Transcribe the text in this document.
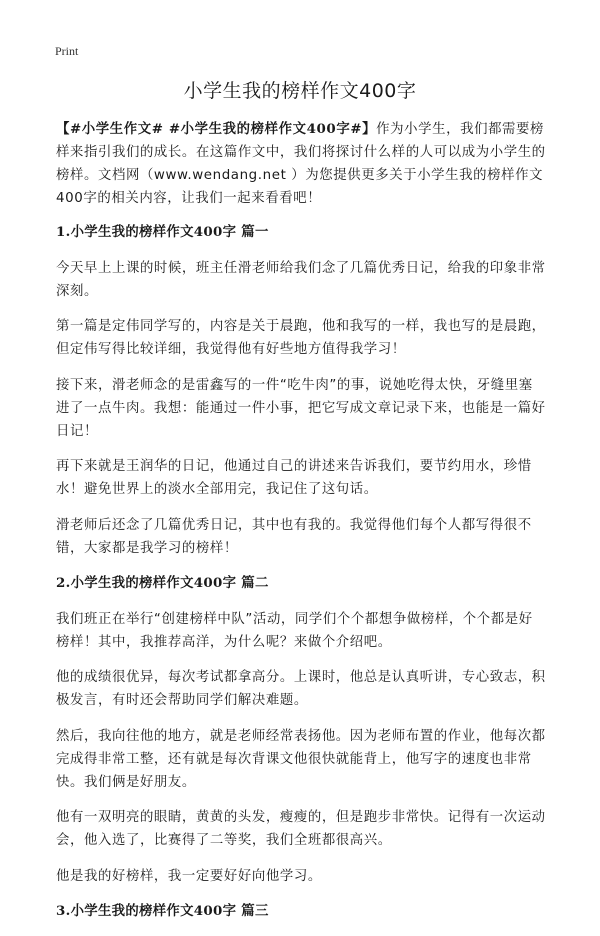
Print
小学生我的榜样作文400字

【#小学生作文# #小学生我的榜样作文400字#】作为小学生，我们都需要榜样来指引我们的成长。在这篇作文中，我们将探讨什么样的人可以成为小学生的榜样。文档网（www.wendang.net ）为您提供更多关于小学生我的榜样作文400字的相关内容，让我们一起来看看吧！

1.小学生我的榜样作文400字 篇一

今天早上上课的时候，班主任滑老师给我们念了几篇优秀日记，给我的印象非常深刻。

第一篇是定伟同学写的，内容是关于晨跑，他和我写的一样，我也写的是晨跑，但定伟写得比较详细，我觉得他有好些地方值得我学习！

接下来，滑老师念的是雷鑫写的一件“吃牛肉”的事，说她吃得太快，牙缝里塞进了一点牛肉。我想：能通过一件小事，把它写成文章记录下来，也能是一篇好日记！

再下来就是王润华的日记，他通过自己的讲述来告诉我们，要节约用水，珍惜水！避免世界上的淡水全部用完，我记住了这句话。

滑老师后还念了几篇优秀日记，其中也有我的。我觉得他们每个人都写得很不错，大家都是我学习的榜样！

2.小学生我的榜样作文400字 篇二

我们班正在举行“创建榜样中队”活动，同学们个个都想争做榜样，个个都是好榜样！其中，我推荐高洋，为什么呢？来做个介绍吧。

他的成绩很优异，每次考试都拿高分。上课时，他总是认真听讲，专心致志，积极发言，有时还会帮助同学们解决难题。

然后，我向往他的地方，就是老师经常表扬他。因为老师布置的作业，他每次都完成得非常工整，还有就是每次背课文他很快就能背上，他写字的速度也非常快。我们俩是好朋友。

他有一双明亮的眼睛，黄黄的头发，瘦瘦的，但是跑步非常快。记得有一次运动会，他入选了，比赛得了二等奖，我们全班都很高兴。

他是我的好榜样，我一定要好好向他学习。

3.小学生我的榜样作文400字 篇三
